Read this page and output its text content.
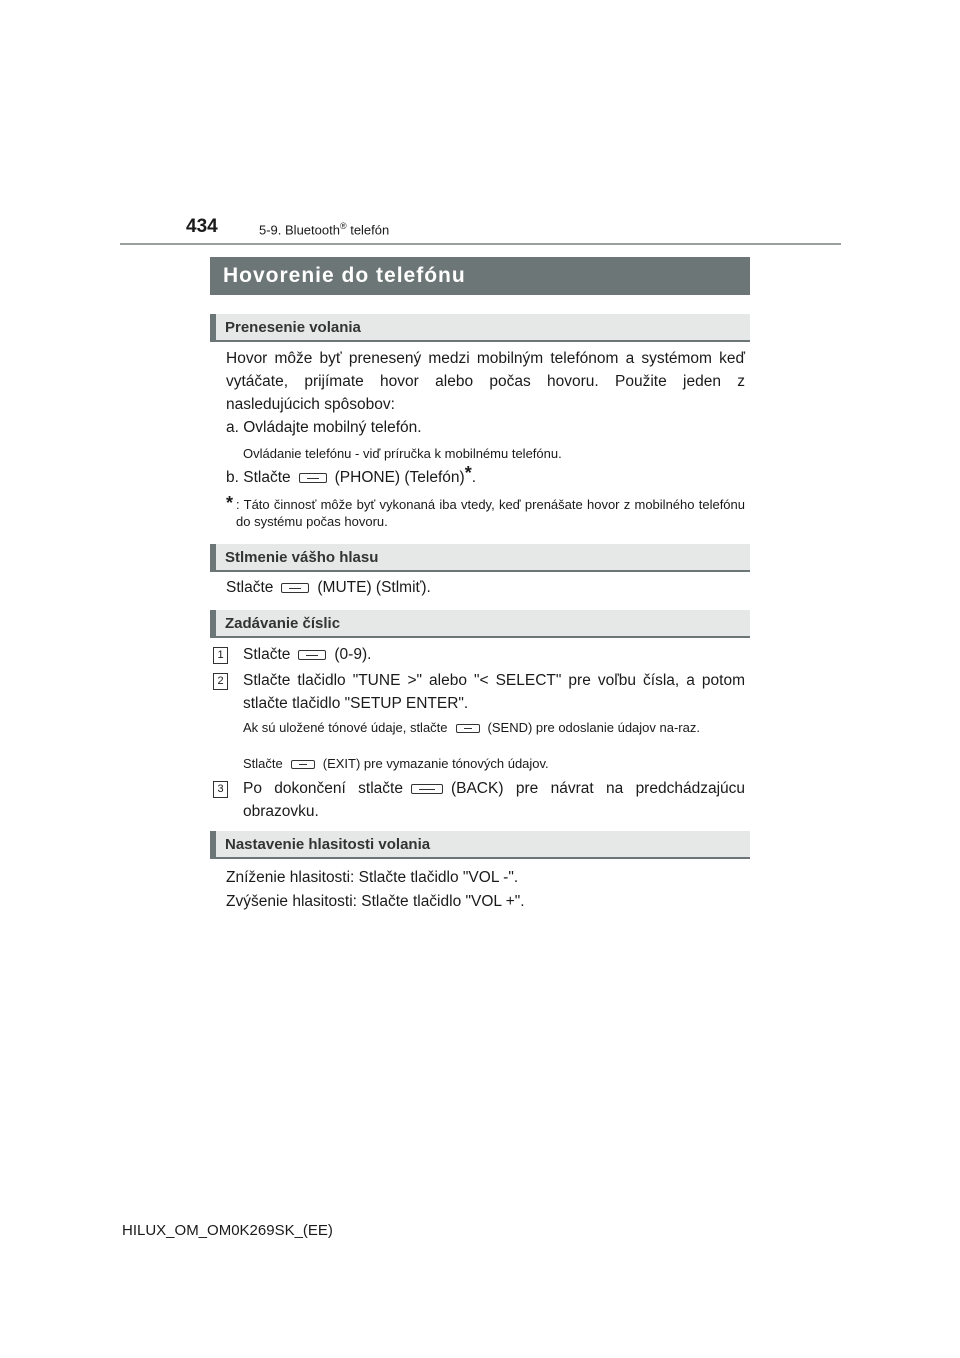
434	5-9. Bluetooth® telefón
Hovorenie do telefónu
Prenesenie volania
Hovor môže byť prenesený medzi mobilným telefónom a systémom keď vytáčate, prijímate hovor alebo počas hovoru. Použite jeden z nasledujúcich spôsobov:
a. Ovládajte mobilný telefón.
Ovládanie telefónu - viď príručka k mobilnému telefónu.
b. Stlačte	(PHONE) (Telefón)*.
* : Táto činnosť môže byť vykonaná iba vtedy, keď prenášate hovor z mobilného telefónu do systému počas hovoru.
Stlmenie vášho hlasu
Stlačte	(MUTE) (Stlmiť).
Zadávanie číslic
1 Stlačte	(0-9).
2 Stlačte tlačidlo "TUNE >" alebo "< SELECT" pre voľbu čísla, a potom stlačte tlačidlo "SETUP ENTER".
Ak sú uložené tónové údaje, stlačte	(SEND) pre odoslanie údajov na-raz.
Stlačte	(EXIT) pre vymazanie tónových údajov.
3 Po dokončení stlačte	(BACK) pre návrat na predchádzajúcu obrazovku.
Nastavenie hlasitosti volania
Zníženie hlasitosti: Stlačte tlačidlo "VOL -".
Zvýšenie hlasitosti: Stlačte tlačidlo "VOL +".
HILUX_OM_OM0K269SK_(EE)
